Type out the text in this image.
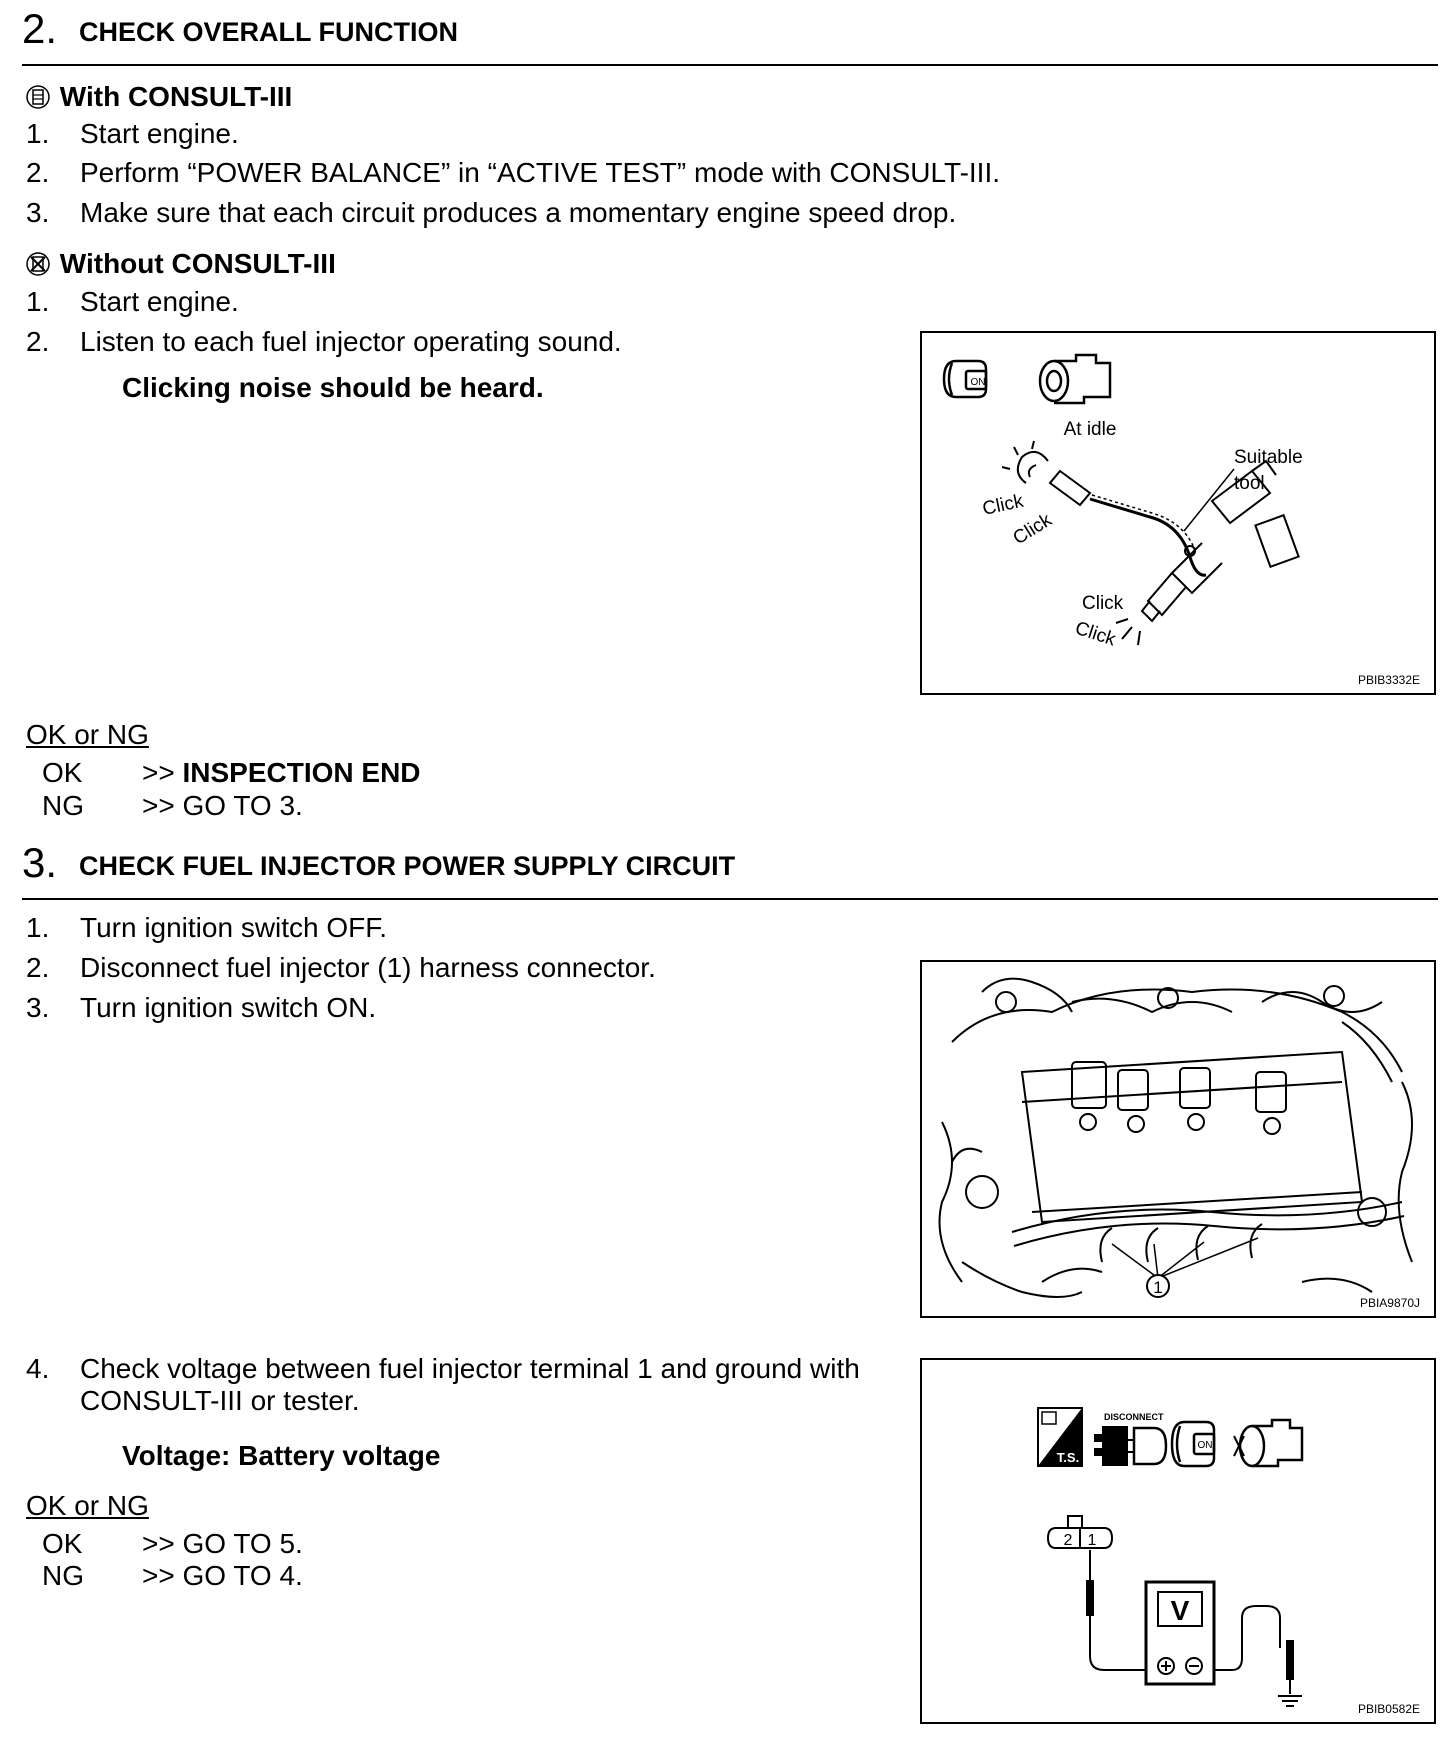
2. CHECK OVERALL FUNCTION
With CONSULT-III
1. Start engine.
2. Perform “POWER BALANCE” in “ACTIVE TEST” mode with CONSULT-III.
3. Make sure that each circuit produces a momentary engine speed drop.
Without CONSULT-III
1. Start engine.
2. Listen to each fuel injector operating sound.
Clicking noise should be heard.	ON
At idle
Suitable
tool
Click
Click
Click
Click
PBIB3332E
OK or NG
OK >> INSPECTION END
NG >> GO TO 3.
3. CHECK FUEL INJECTOR POWER SUPPLY CIRCUIT
1. Turn ignition switch OFF.
2. Disconnect fuel injector (1) harness connector.
3. Turn ignition switch ON.
1
PBIA9870J
4. Check voltage between fuel injector terminal 1 and ground with
CONSULT-III or tester.
Voltage: Battery voltage
OK or NG
OK >> GO TO 5.
NG >> GO TO 4.
T.S.
DISCONNECT
ON
2 1
V
PBIB0582E
